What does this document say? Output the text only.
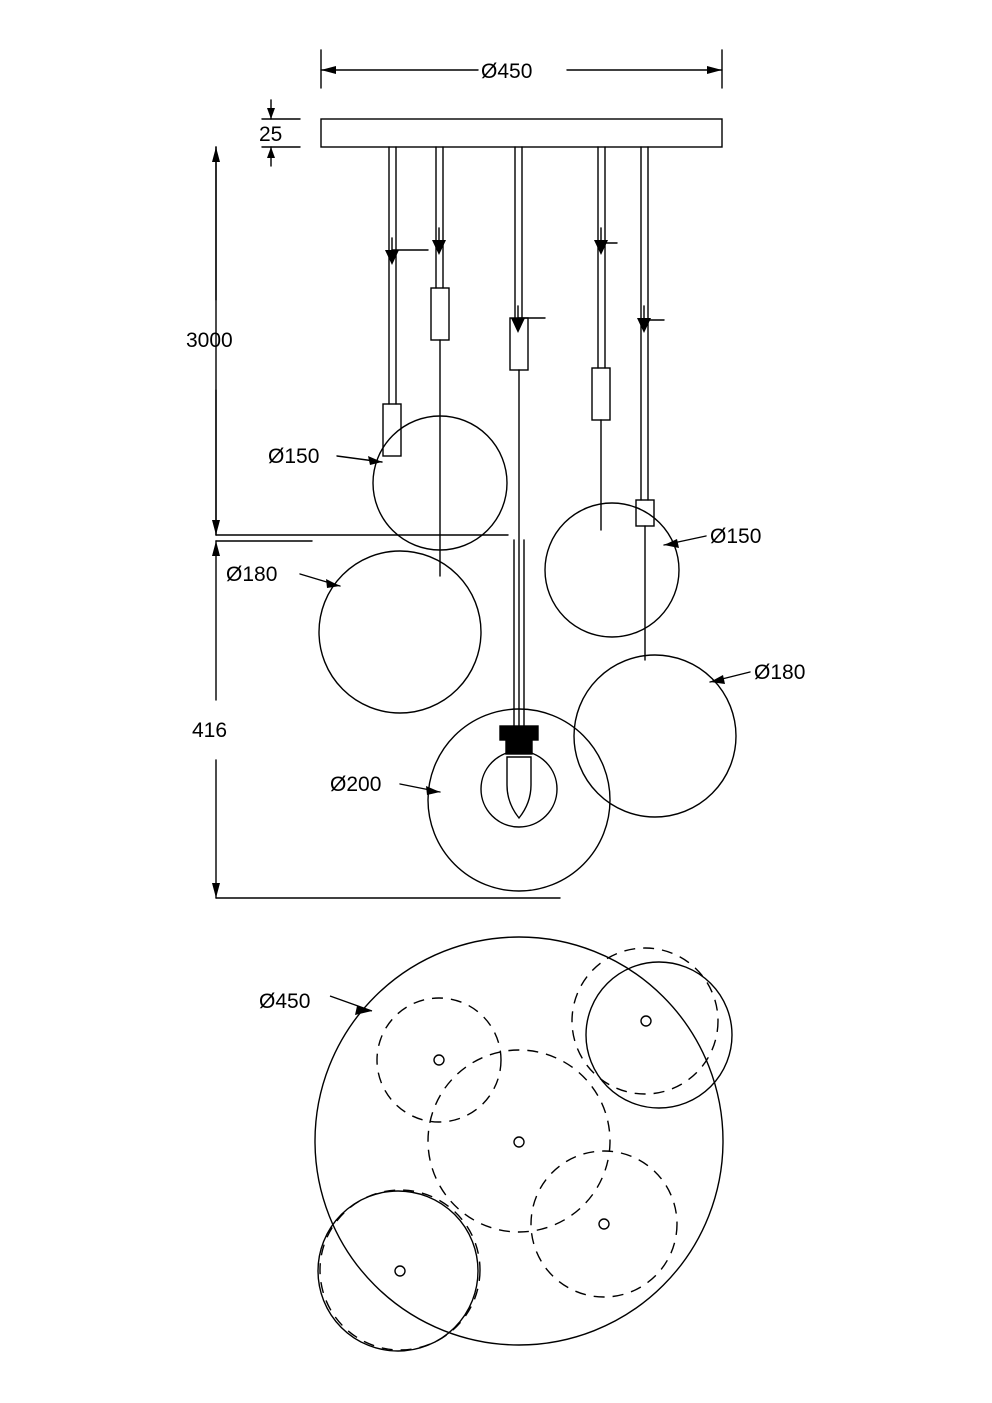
Ø450
25
3000
416
Ø150
Ø180
Ø150
Ø180
Ø200
Ø450
